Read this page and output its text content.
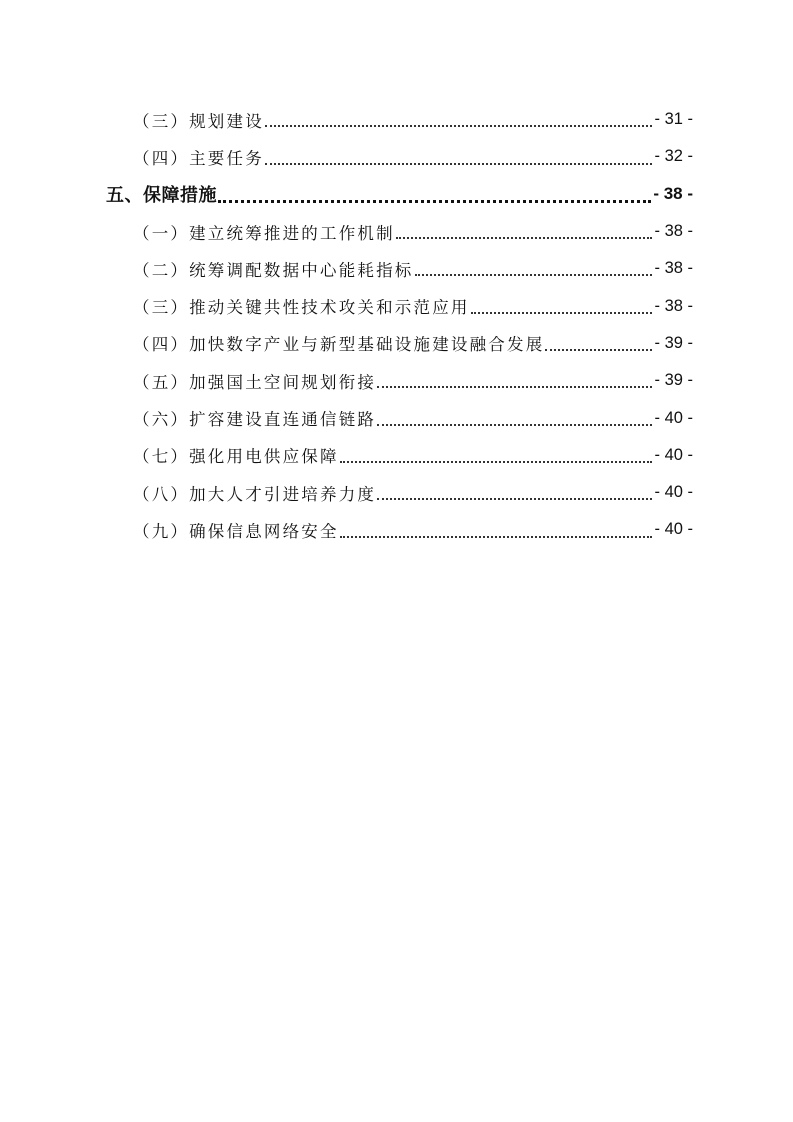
（三）规划建设	- 31 -
（四）主要任务	- 32 -
五、保障措施	- 38 -
（一）建立统筹推进的工作机制	- 38 -
（二）统筹调配数据中心能耗指标	- 38 -
（三）推动关键共性技术攻关和示范应用	- 38 -
（四）加快数字产业与新型基础设施建设融合发展	- 39 -
（五）加强国土空间规划衔接	- 39 -
（六）扩容建设直连通信链路	- 40 -
（七）强化用电供应保障	- 40 -
（八）加大人才引进培养力度	- 40 -
（九）确保信息网络安全	- 40 -
